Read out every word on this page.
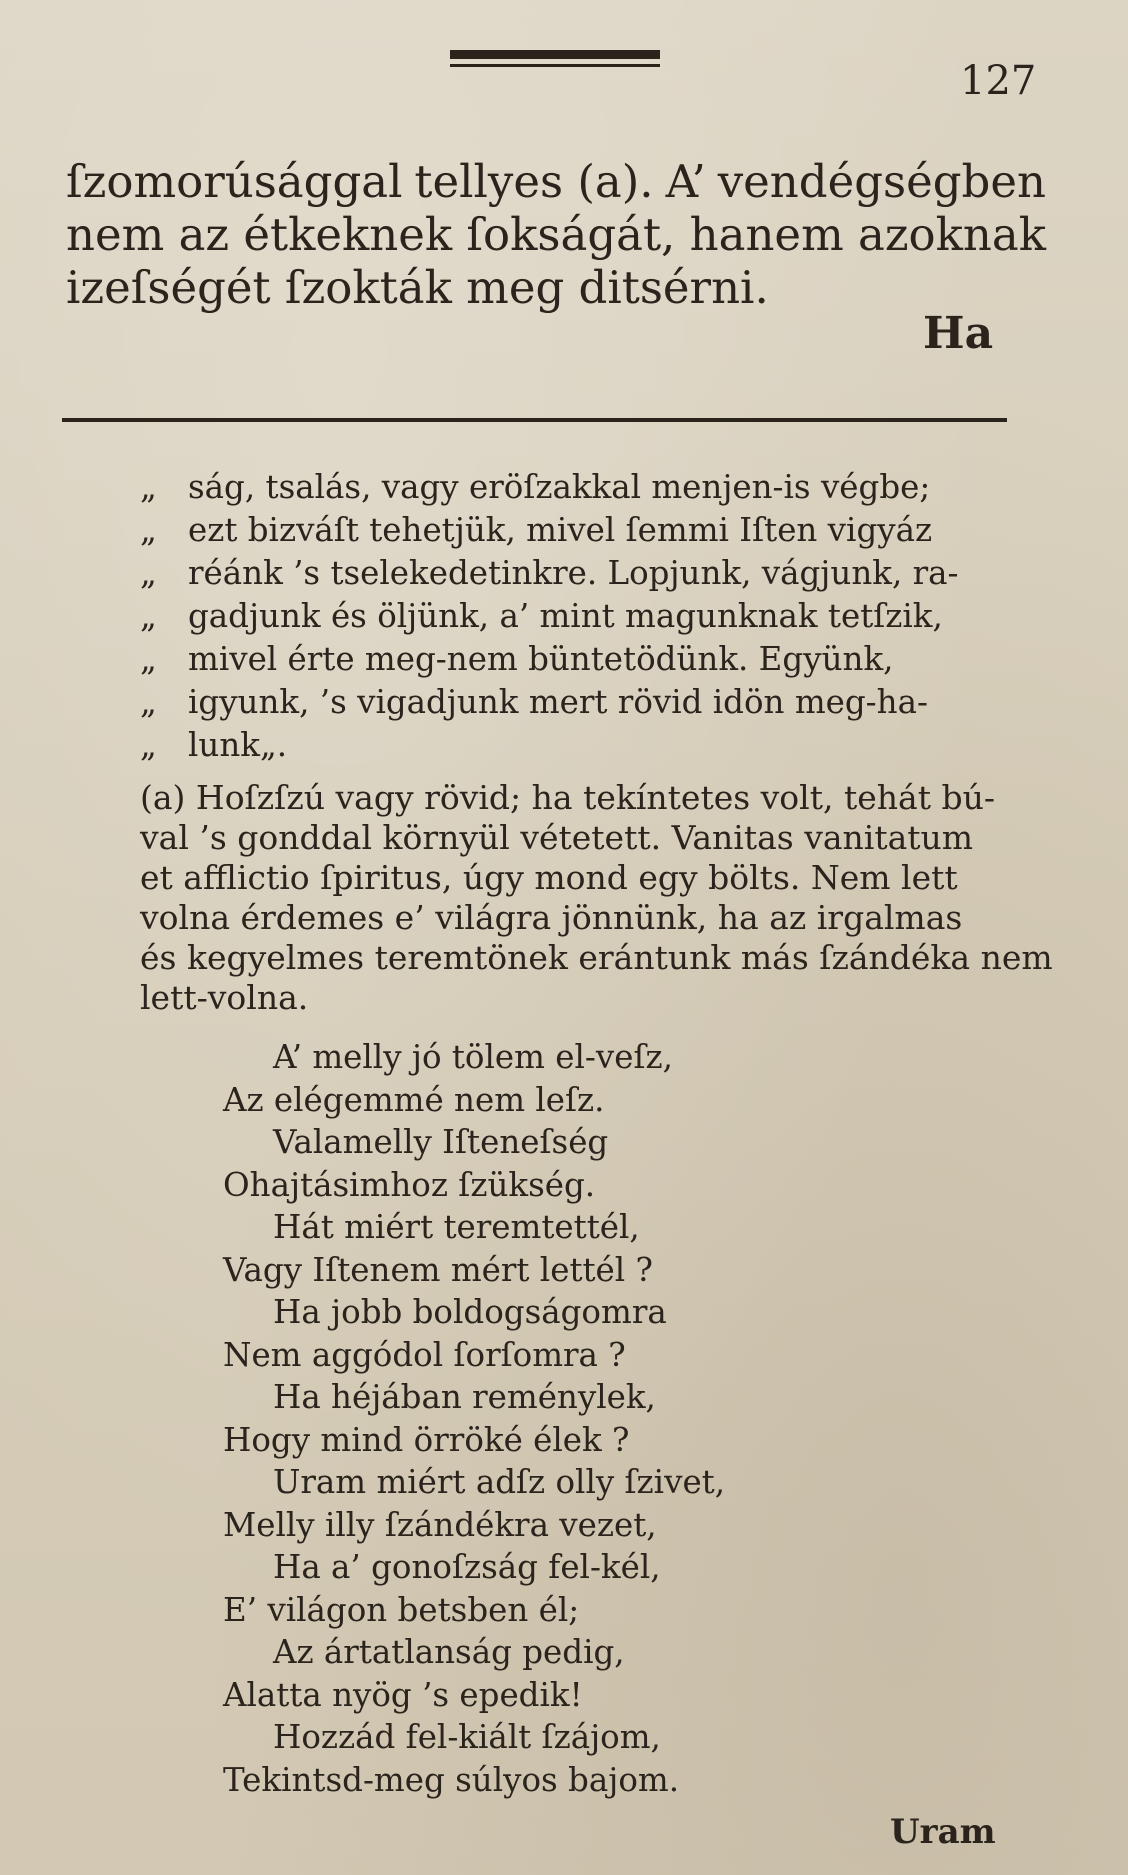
127
ſzomorúsággal tellyes (a). A’ vendégségben
nem az étkeknek ſokságát, hanem azoknak
izeſségét ſzokták meg ditsérni.
Ha
„ ság, tsalás, vagy eröſzakkal menjen-is végbe;
„ ezt bizváſt tehetjük, mivel ſemmi Iſten vigyáz
„ réánk ’s tselekedetinkre. Lopjunk, vágjunk, ra-
„ gadjunk és öljünk, a’ mint magunknak tetſzik,
„ mivel érte meg-nem büntetödünk. Együnk,
„ igyunk, ’s vigadjunk mert rövid idön meg-ha-
„ lunk„.
(a) Hoſzſzú vagy rövid; ha tekíntetes volt, tehát bú-
val ’s gonddal környül vétetett. Vanitas vanitatum
et afflictio ſpiritus, úgy mond egy bölts. Nem lett
volna érdemes e’ világra jönnünk, ha az irgalmas
és kegyelmes teremtönek erántunk más ſzándéka nem
lett-volna.
A’ melly jó tölem el-veſz,
Az elégemmé nem leſz.
Valamelly Iſteneſség
Ohajtásimhoz ſzükség.
Hát miért teremtettél,
Vagy Iſtenem mért lettél ?
Ha jobb boldogságomra
Nem aggódol ſorſomra ?
Ha héjában reménylek,
Hogy mind örröké élek ?
Uram miért adſz olly ſzivet,
Melly illy ſzándékra vezet,
Ha a’ gonoſzság fel-kél,
E’ világon betsben él;
Az ártatlanság pedig,
Alatta nyög ’s epedik!
Hozzád fel-kiált ſzájom,
Tekintsd-meg súlyos bajom.
Uram
